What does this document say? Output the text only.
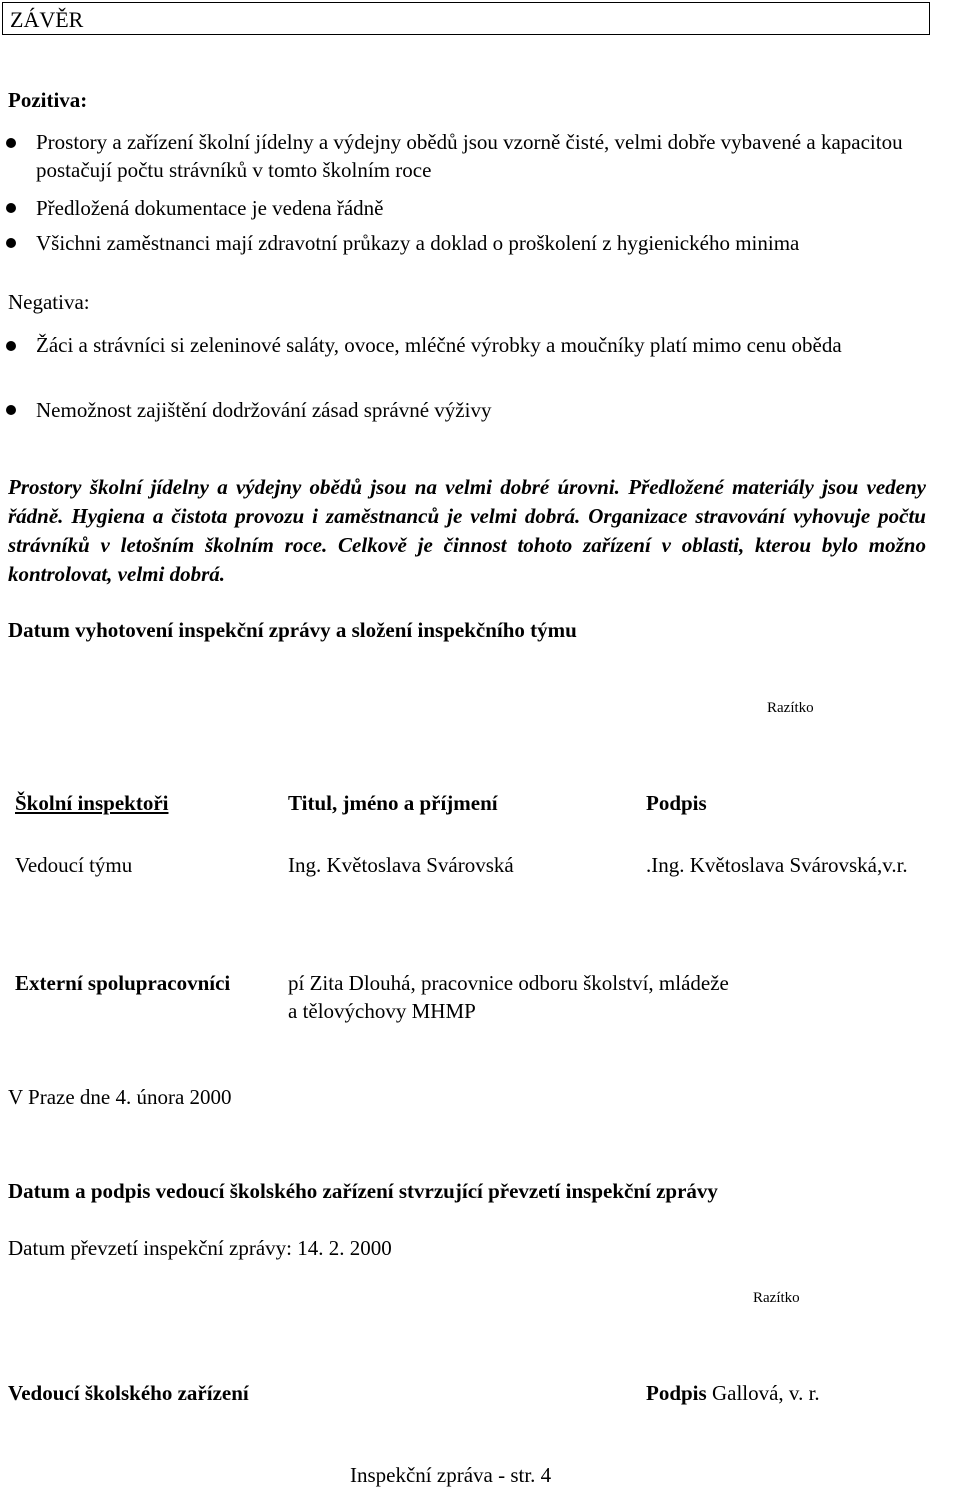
ZÁVĚR
Pozitiva:
Prostory a zařízení školní jídelny a výdejny obědů jsou vzorně čisté, velmi dobře vybavené a kapacitou postačují počtu strávníků v tomto školním roce
Předložená dokumentace je vedena řádně
Všichni zaměstnanci mají zdravotní průkazy a doklad o proškolení z hygienického minima
Negativa:
Žáci a strávníci si zeleninové saláty, ovoce, mléčné výrobky a moučníky platí mimo cenu oběda
Nemožnost zajištění dodržování zásad správné výživy
Prostory školní jídelny a výdejny obědů jsou na velmi dobré úrovni. Předložené materiály jsou vedeny řádně. Hygiena a čistota provozu i zaměstnanců je velmi dobrá. Organizace stravování vyhovuje počtu strávníků v letošním školním roce. Celkově je činnost tohoto zařízení v oblasti, kterou bylo možno kontrolovat, velmi dobrá.
Datum vyhotovení inspekční zprávy a složení inspekčního týmu
Razítko
Školní inspektoři	Titul, jméno a příjmení	Podpis
Vedoucí týmu	Ing. Květoslava Svárovská	.Ing. Květoslava Svárovská,v.r.
Externí spolupracovníci	pí Zita Dlouhá, pracovnice odboru školství, mládeže
a tělovýchovy MHMP
V Praze dne 4. února 2000
Datum a podpis vedoucí školského zařízení stvrzující převzetí inspekční zprávy
Datum převzetí inspekční zprávy: 14. 2. 2000
Razítko
Vedoucí školského zařízení	Podpis Gallová, v. r.
Inspekční zpráva - str. 4
